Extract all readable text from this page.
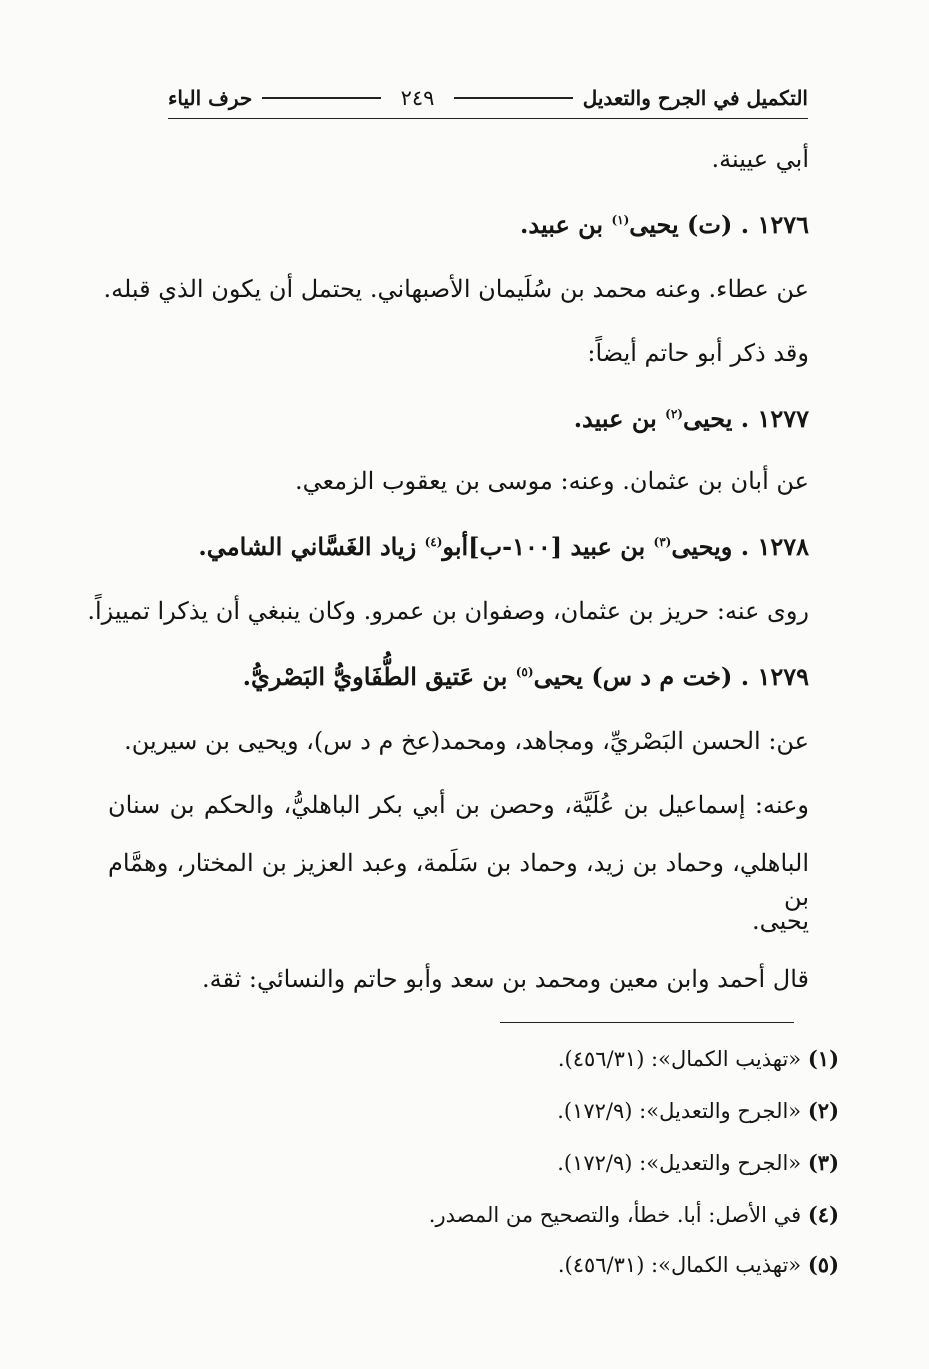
التكميل في الجرح والتعديل
٢٤٩
حرف الياء
أبي عيينة.
١٢٧٦ . (ت) يحيى$^{(١)}$ بن عبيد.
عن عطاء. وعنه محمد بن سُلَيمان الأصبهاني. يحتمل أن يكون الذي قبله.
وقد ذكر أبو حاتم أيضاً:
١٢٧٧ . يحيى$^{(٢)}$ بن عبيد.
عن أبان بن عثمان. وعنه: موسى بن يعقوب الزمعي.
١٢٧٨ . ويحيى$^{(٣)}$ بن عبيد [١٠٠-ب]أبو$^{(٤)}$ زياد الغَسَّاني الشامي.
روى عنه: حريز بن عثمان، وصفوان بن عمرو. وكان ينبغي أن يذكرا تمييزاً.
١٢٧٩ . (خت م د س) يحيى$^{(٥)}$ بن عَتيق الطُّفَاويُّ البَصْريُّ.
عن: الحسن البَصْريِّ، ومجاهد، ومحمد(عخ م د س)، ويحيى بن سيرين.
وعنه: إسماعيل بن عُلَيَّة، وحصن بن أبي بكر الباهليُّ، والحكم بن سنان
الباهلي، وحماد بن زيد، وحماد بن سَلَمة، وعبد العزيز بن المختار، وهمَّام بن
يحيى.
قال أحمد وابن معين ومحمد بن سعد وأبو حاتم والنسائي: ثقة.
(١) «تهذيب الكمال»: (٤٥٦/٣١).
(٢) «الجرح والتعديل»: (١٧٢/٩).
(٣) «الجرح والتعديل»: (١٧٢/٩).
(٤) في الأصل: أبا. خطأ، والتصحيح من المصدر.
(٥) «تهذيب الكمال»: (٤٥٦/٣١).
